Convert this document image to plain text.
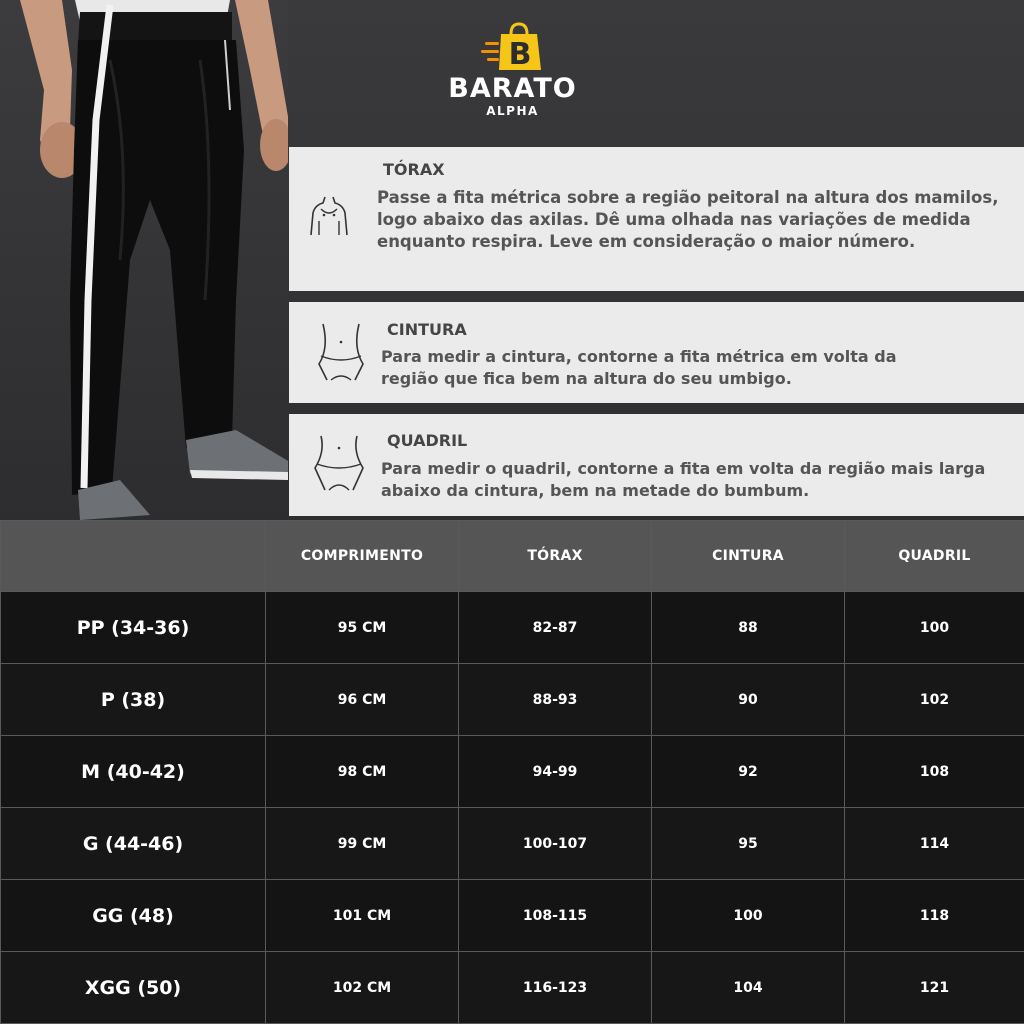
B
BARATO
ALPHA
TÓRAX
Passe a fita métrica sobre a região peitoral na altura dos mamilos, logo abaixo das axilas. Dê uma olhada nas variações de medida enquanto respira. Leve em consideração o maior número.
CINTURA
Para medir a cintura, contorne a fita métrica em volta da região que fica bem na altura do seu umbigo.
QUADRIL
Para medir o quadril, contorne a fita em volta da região mais larga abaixo da cintura, bem na metade do bumbum.
	COMPRIMENTO	TÓRAX	CINTURA	QUADRIL
PP (34-36)	95 CM	82-87	88	100
P (38)	96 CM	88-93	90	102
M (40-42)	98 CM	94-99	92	108
G (44-46)	99 CM	100-107	95	114
GG (48)	101 CM	108-115	100	118
XGG (50)	102 CM	116-123	104	121
